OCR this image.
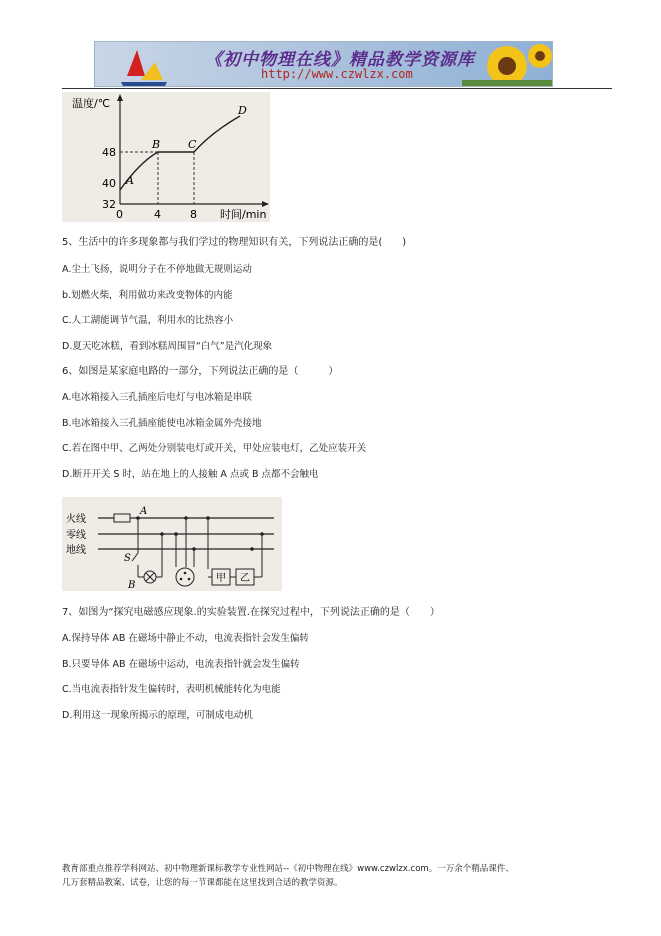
《初中物理在线》精品教学资源库
http://www.czwlzx.com
温度/℃
48
40
32
0	4	8 时间/min
A
B	C
D
5、生活中的许多现象都与我们学过的物理知识有关，下列说法正确的是(　　)
A.尘土飞扬，说明分子在不停地做无规则运动
b.划燃火柴，利用做功来改变物体的内能
C.人工湖能调节气温，利用水的比热容小
D.夏天吃冰糕，看到冰糕周围冒“白气”是汽化现象
6、如图是某家庭电路的一部分，下列说法正确的是（　　　）
A.电冰箱接入三孔插座后电灯与电冰箱是串联
B.电冰箱接入三孔插座能使电冰箱金属外壳接地
C.若在图中甲、乙两处分别装电灯或开关，甲处应装电灯，乙处应装开关
D.断开开关 S 时，站在地上的人接触 A 点或 B 点都不会触电
火线
零线
地线
A
S
B
甲 乙
7、如图为“探究电磁感应现象.的实验装置.在探究过程中，下列说法正确的是（　　）
A.保持导体 AB 在磁场中静止不动，电流表指针会发生偏转
B.只要导体 AB 在磁场中运动，电流表指针就会发生偏转
C.当电流表指针发生偏转时，表明机械能转化为电能
D.利用这一现象所揭示的原理，可制成电动机
教育部重点推荐学科网站、初中物理新课标教学专业性网站--《初中物理在线》www.czwlzx.com。一万余个精品课件、
几万套精品教案、试卷，让您的每一节课都能在这里找到合适的教学资源。
